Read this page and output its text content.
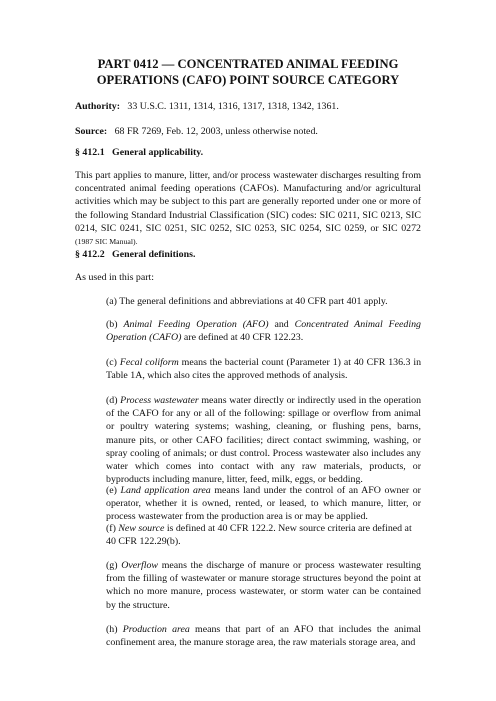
PART 0412 — CONCENTRATED ANIMAL FEEDING
OPERATIONS (CAFO) POINT SOURCE CATEGORY

Authority: 33 U.S.C. 1311, 1314, 1316, 1317, 1318, 1342, 1361.

Source: 68 FR 7269, Feb. 12, 2003, unless otherwise noted.

§ 412.1   General applicability.

This part applies to manure, litter, and/or process wastewater discharges resulting from concentrated animal feeding operations (CAFOs). Manufacturing and/or agricultural activities which may be subject to this part are generally reported under one or more of the following Standard Industrial Classification (SIC) codes: SIC 0211, SIC 0213, SIC 0214, SIC 0241, SIC 0251, SIC 0252, SIC 0253, SIC 0254, SIC 0259, or SIC 0272 (1987 SIC Manual).

§ 412.2   General definitions.

As used in this part:

(a) The general definitions and abbreviations at 40 CFR part 401 apply.

(b) Animal Feeding Operation (AFO) and Concentrated Animal Feeding Operation (CAFO) are defined at 40 CFR 122.23.

(c) Fecal coliform means the bacterial count (Parameter 1) at 40 CFR 136.3 in Table 1A, which also cites the approved methods of analysis.

(d) Process wastewater means water directly or indirectly used in the operation of the CAFO for any or all of the following: spillage or overflow from animal or poultry watering systems; washing, cleaning, or flushing pens, barns, manure pits, or other CAFO facilities; direct contact swimming, washing, or spray cooling of animals; or dust control. Process wastewater also includes any water which comes into contact with any raw materials, products, or byproducts including manure, litter, feed, milk, eggs, or bedding.

(e) Land application area means land under the control of an AFO owner or operator, whether it is owned, rented, or leased, to which manure, litter, or process wastewater from the production area is or may be applied.

(f) New source is defined at 40 CFR 122.2. New source criteria are defined at 40 CFR 122.29(b).

(g) Overflow means the discharge of manure or process wastewater resulting from the filling of wastewater or manure storage structures beyond the point at which no more manure, process wastewater, or storm water can be contained by the structure.

(h) Production area means that part of an AFO that includes the animal confinement area, the manure storage area, the raw materials storage area, and
